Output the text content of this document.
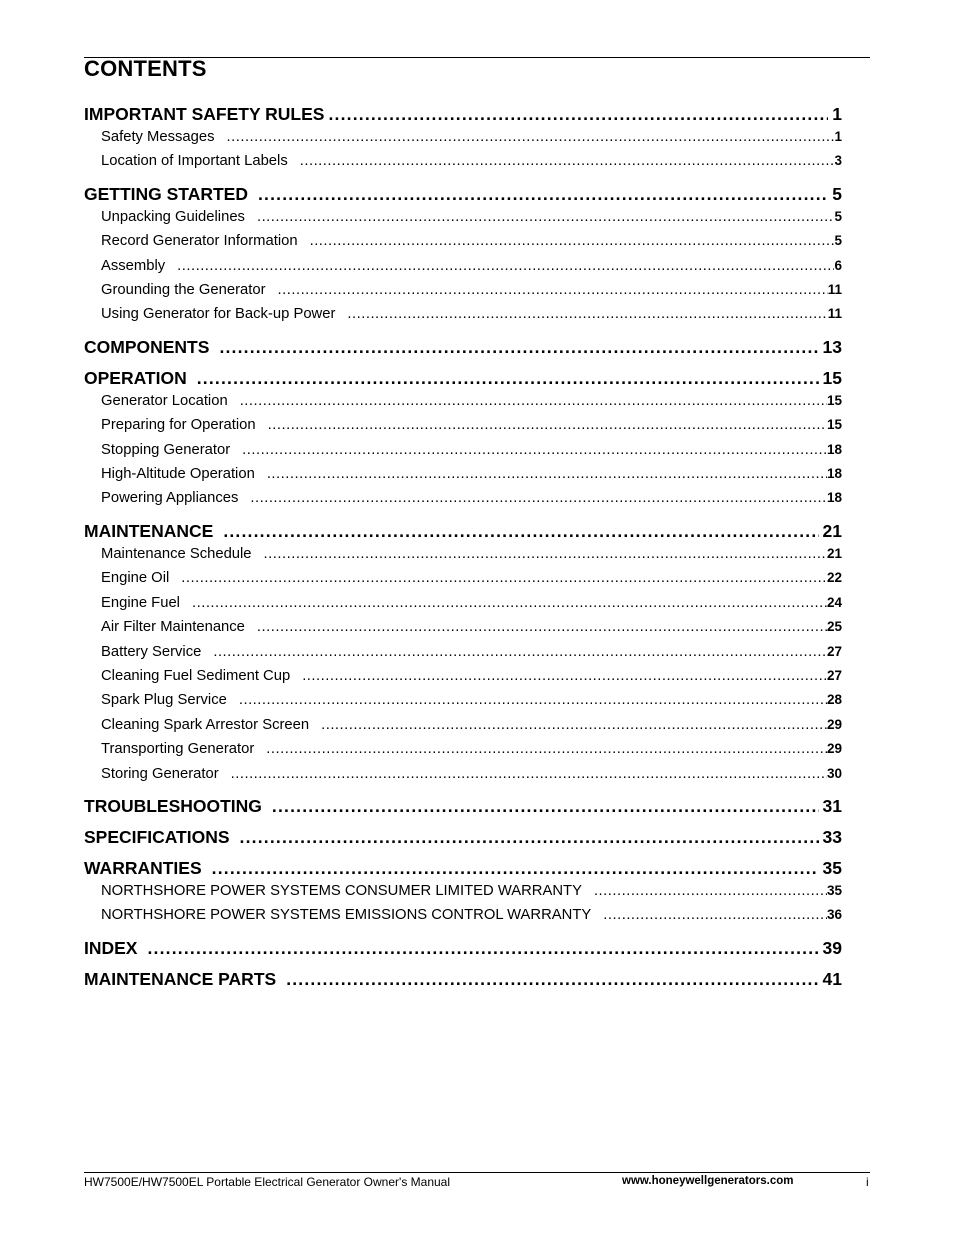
CONTENTS
IMPORTANT SAFETY RULES .....	1
Safety Messages .....	1
Location of Important Labels .....	3
GETTING STARTED .....	5
Unpacking Guidelines .....	5
Record Generator Information .....	5
Assembly .....	6
Grounding the Generator .....	11
Using Generator for Back-up Power .....	11
COMPONENTS .....	13
OPERATION .....	15
Generator Location .....	15
Preparing for Operation .....	15
Stopping Generator .....	18
High-Altitude Operation .....	18
Powering Appliances .....	18
MAINTENANCE .....	21
Maintenance Schedule .....	21
Engine Oil .....	22
Engine Fuel .....	24
Air Filter Maintenance .....	25
Battery Service .....	27
Cleaning Fuel Sediment Cup .....	27
Spark Plug Service .....	28
Cleaning Spark Arrestor Screen .....	29
Transporting Generator .....	29
Storing Generator .....	30
TROUBLESHOOTING .....	31
SPECIFICATIONS .....	33
WARRANTIES .....	35
NORTHSHORE POWER SYSTEMS CONSUMER LIMITED WARRANTY .....	35
NORTHSHORE POWER SYSTEMS EMISSIONS CONTROL WARRANTY .....	36
INDEX .....	39
MAINTENANCE PARTS .....	41
HW7500E/HW7500EL Portable Electrical Generator Owner's Manual	www.honeywellgenerators.com	i
